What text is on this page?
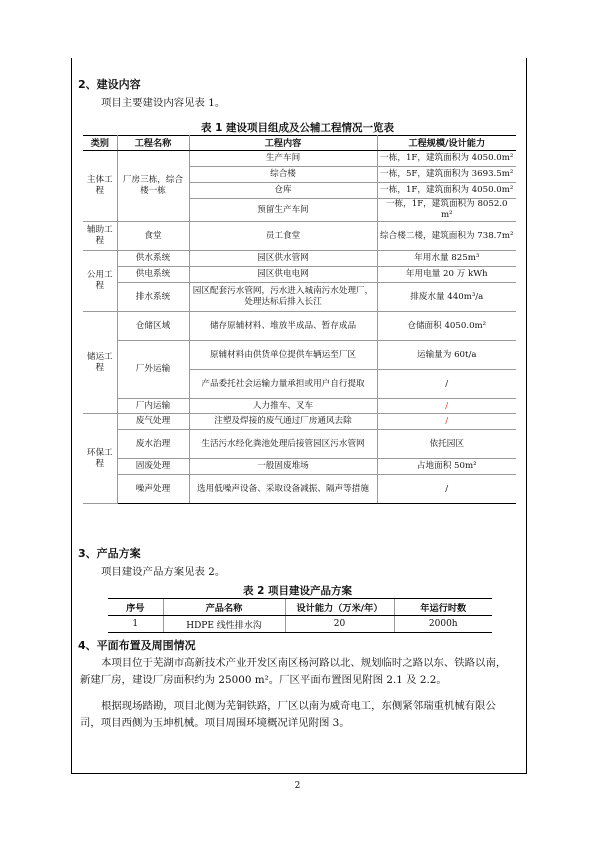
2、建设内容
项目主要建设内容见表 1。
表 1 建设项目组成及公辅工程情况一览表
类别	工程名称	工程内容	工程规模/设计能力
主体工程	厂房三栋，综合楼一栋	生产车间	一栋，1F，建筑面积为 4050.0m²
		综合楼	一栋，5F，建筑面积为 3693.5m²
		仓库	一栋，1F，建筑面积为 4050.0m²
		预留生产车间	一栋，1F，建筑面积为 8052.0 m²
辅助工程	食堂	员工食堂	综合楼二楼，建筑面积为 738.7m²
公用工程	供水系统	园区供水管网	年用水量 825m³
	供电系统	园区供电电网	年用电量 20 万 kWh
	排水系统	园区配套污水管网，污水进入城南污水处理厂，处理达标后排入长江	排废水量 440m³/a
储运工程	仓储区域	储存原辅材料、堆放半成品、暂存成品	仓储面积 4050.0m²
	厂外运输	原辅材料由供货单位提供车辆运至厂区	运输量为 60t/a
		产品委托社会运输力量承担或用户自行提取	/
	厂内运输	人力推车、叉车	/
环保工程	废气处理	注塑及焊接的废气通过厂房通风去除	/
	废水治理	生活污水经化粪池处理后接管园区污水管网	依托园区
	固废处理	一般固废堆场	占地面积 50m²
	噪声处理	选用低噪声设备、采取设备减振、隔声等措施	/
3、产品方案
项目建设产品方案见表 2。
表 2 项目建设产品方案
序号	产品名称	设计能力（万米/年）	年运行时数
1	HDPE 线性排水沟	20	2000h
4、平面布置及周围情况
本项目位于芜湖市高新技术产业开发区南区杨河路以北、规划临时之路以东、铁路以南，新建厂房，建设厂房面积约为 25000 m²。厂区平面布置图见附图 2.1 及 2.2。
根据现场踏勘，项目北侧为芜铜铁路，厂区以南为威奇电工，东侧紧邻瑞重机械有限公司，项目西侧为玉坤机械。项目周围环境概况详见附图 3。
2
